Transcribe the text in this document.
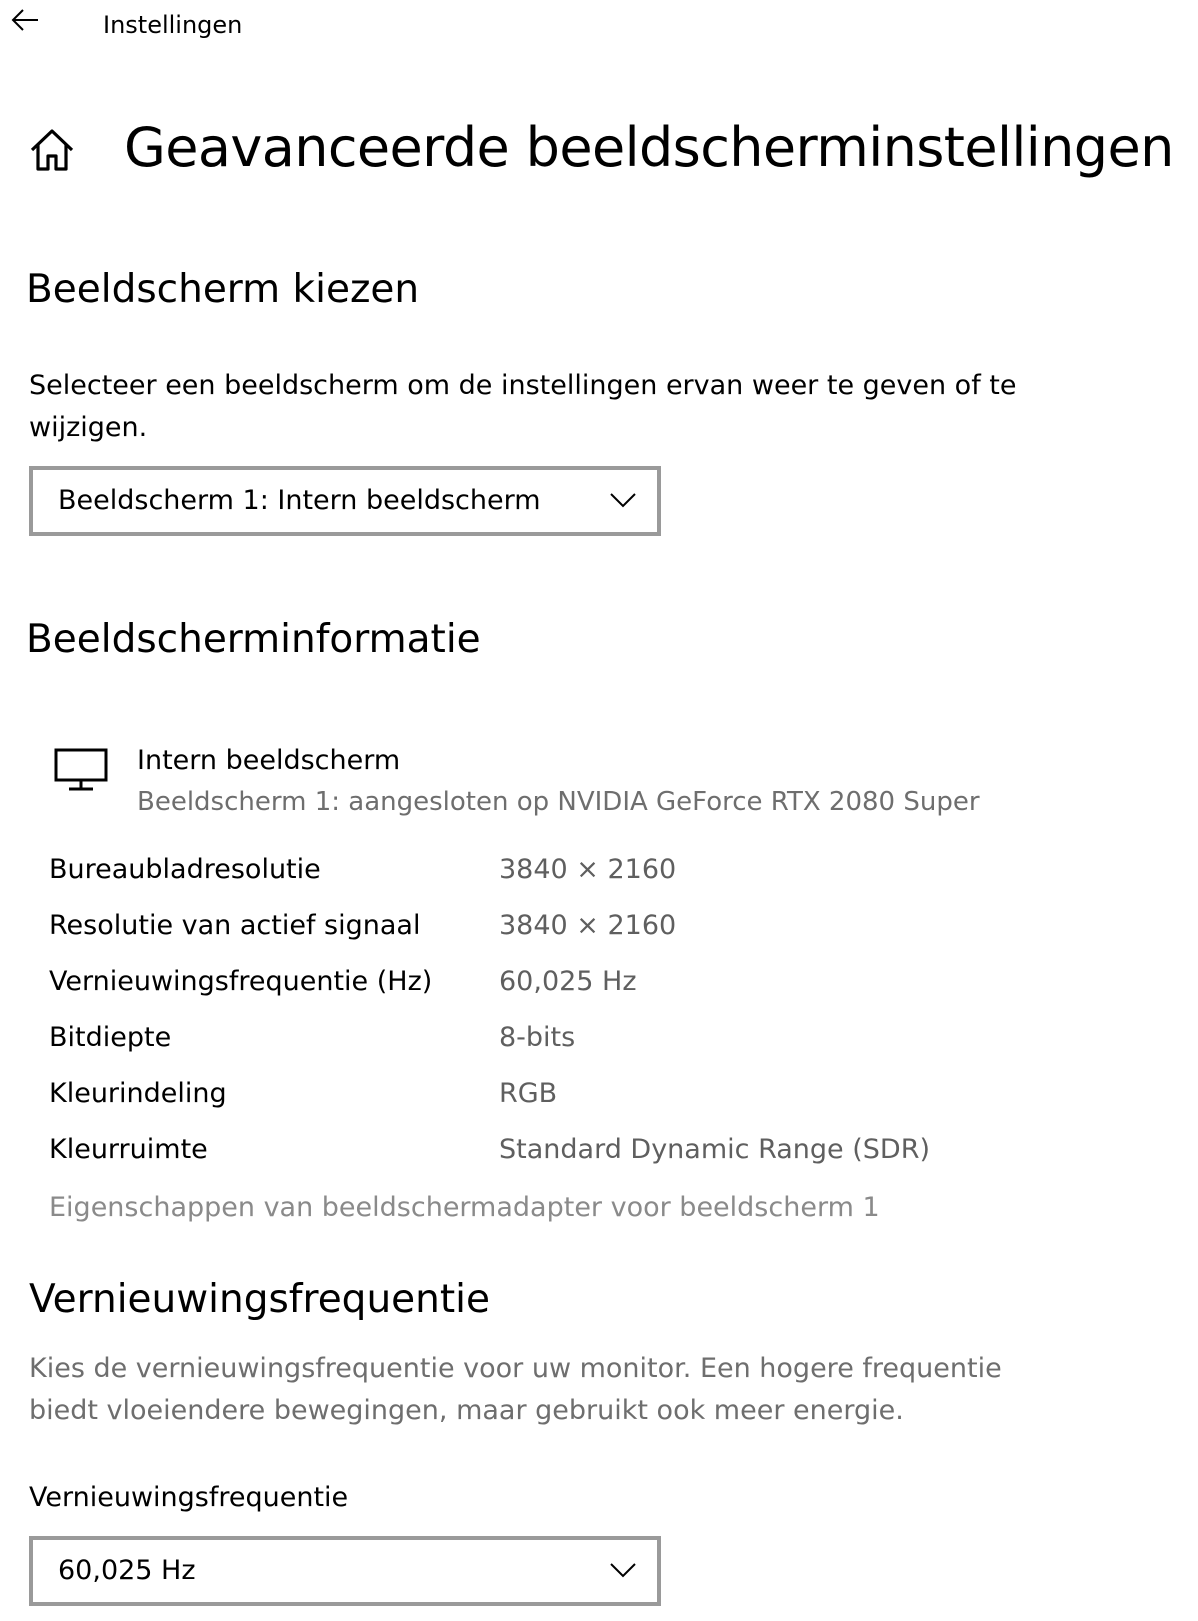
Instellingen
Geavanceerde beeldscherminstellingen
Beeldscherm kiezen
Selecteer een beeldscherm om de instellingen ervan weer te geven of te
wijzigen.
Beeldscherm 1: Intern beeldscherm
Beeldscherminformatie
Intern beeldscherm
Beeldscherm 1: aangesloten op NVIDIA GeForce RTX 2080 Super
Bureaubladresolutie	3840 × 2160
Resolutie van actief signaal	3840 × 2160
Vernieuwingsfrequentie (Hz) 60,025 Hz
Bitdiepte	8-bits
Kleurindeling	RGB
Kleurruimte	Standard Dynamic Range (SDR)
Eigenschappen van beeldschermadapter voor beeldscherm 1
Vernieuwingsfrequentie
Kies de vernieuwingsfrequentie voor uw monitor. Een hogere frequentie
biedt vloeiendere bewegingen, maar gebruikt ook meer energie.
Vernieuwingsfrequentie
60,025 Hz
